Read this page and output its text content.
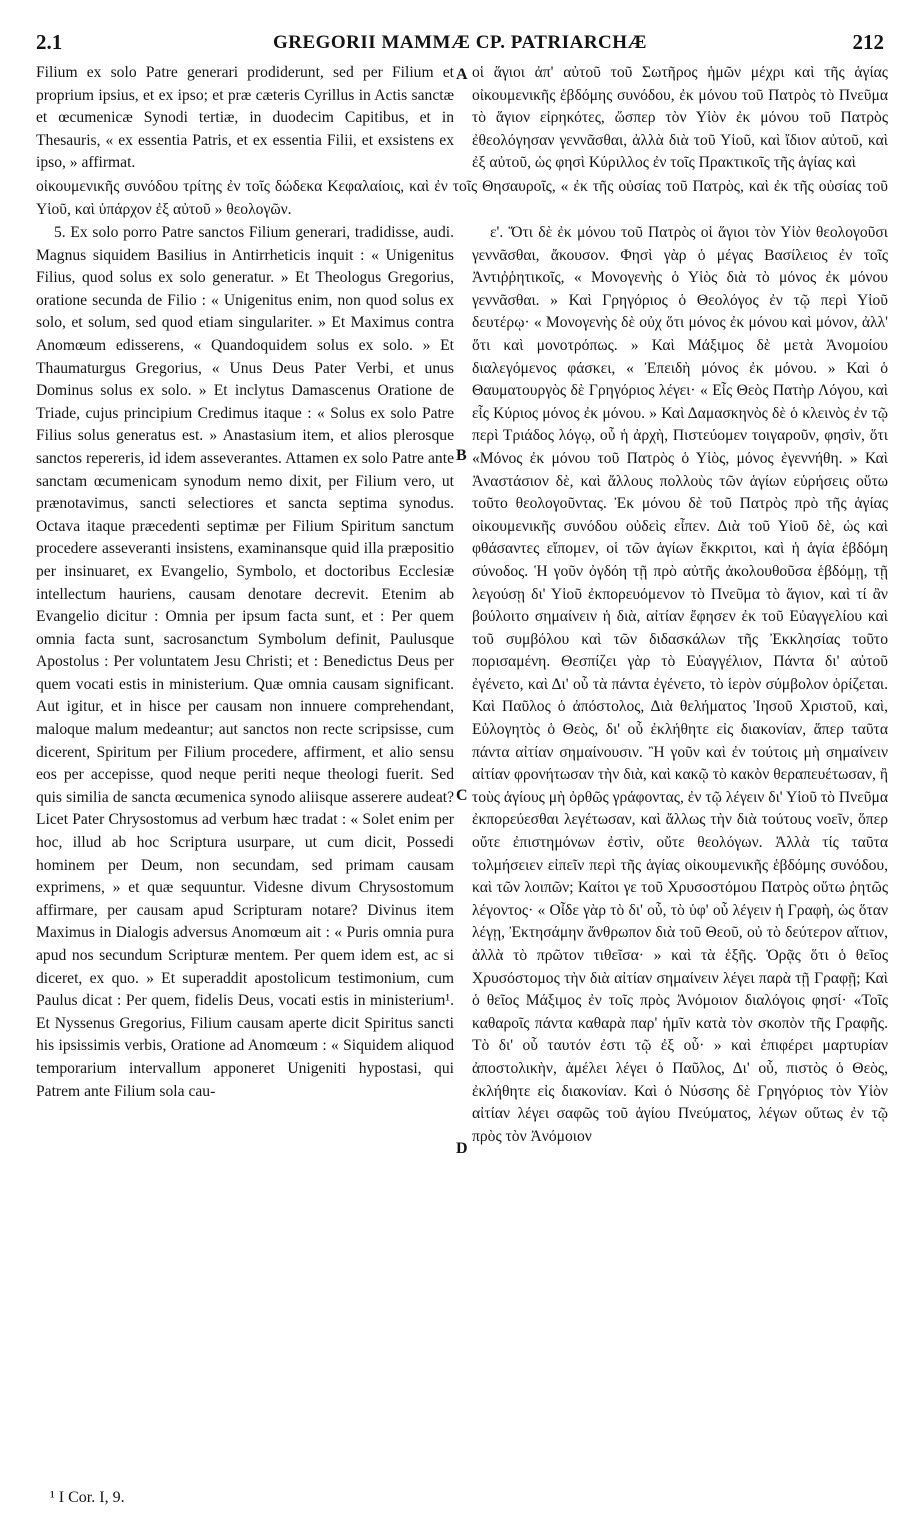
2.1	GREGORII MAMMÆ CP. PATRIARCHÆ	212

Filium ex solo Patre generari prodiderunt, sed per Filium et proprium ipsius, et ex ipso; et præ cæteris Cyrillus in Actis sanctæ et œcumenicæ Synodi tertiæ, in duodecim Capitibus, et in Thesauris, « ex essentia Patris, et ex essentia Filii, et exsistens ex ipso, » affirmat.

οἱ ἅγιοι ἀπ' αὐτοῦ τοῦ Σωτῆρος ἡμῶν μέχρι καὶ τῆς ἁγίας οἰκουμενικῆς ἑβδόμης συνόδου, ἐκ μόνου τοῦ Πατρὸς τὸ Πνεῦμα τὸ ἅγιον εἰρηκότες, ὥσπερ τὸν Υἱὸν ἐκ μόνου τοῦ Πατρὸς ἐθεολόγησαν γεννᾶσθαι, ἀλλὰ διὰ τοῦ Υἱοῦ, καὶ ἴδιον αὐτοῦ, καὶ ἐξ αὐτοῦ, ὡς φησὶ Κύριλλος ἐν τοῖς Πρακτικοῖς τῆς ἁγίας καὶ

οἰκουμενικῆς συνόδου τρίτης ἐν τοῖς δώδεκα Κεφαλαίοις, καὶ ἐν τοῖς Θησαυροῖς, « ἐκ τῆς οὐσίας τοῦ Πατρὸς, καὶ ἐκ τῆς οὐσίας τοῦ Υἱοῦ, καὶ ὑπάρχον ἐξ αὐτοῦ » θεολογῶν.

5. Ex solo porro Patre sanctos Filium generari, tradidisse, audi. Magnus siquidem Basilius in Antirrheticis inquit : « Unigenitus Filius, quod solus ex solo generatur. » Et Theologus Gregorius, oratione secunda de Filio : « Unigenitus enim, non quod solus ex solo, et solum, sed quod etiam singulariter. » Et Maximus contra Anomœum edisserens, « Quandoquidem solus ex solo. » Et Thaumaturgus Gregorius, « Unus Deus Pater Verbi, et unus Dominus solus ex solo. » Et inclytus Damascenus Oratione de Triade, cujus principium Credimus itaque : « Solus ex solo Patre Filius solus generatus est. » Anastasium item, et alios plerosque sanctos repereris, id idem asseverantes. Attamen ex solo Patre ante sanctam œcumenicam synodum nemo dixit, per Filium vero, ut prænotavimus, sancti selectiores et sancta septima synodus. Octava itaque præcedenti septimæ per Filium Spiritum sanctum procedere asseveranti insistens, examinansque quid illa præpositio per insinuaret, ex Evangelio, Symbolo, et doctoribus Ecclesiæ intellectum hauriens, causam denotare decrevit. Etenim ab Evangelio dicitur : Omnia per ipsum facta sunt, et : Per quem omnia facta sunt, sacrosanctum Symbolum definit, Paulusque Apostolus : Per voluntatem Jesu Christi; et : Benedictus Deus per quem vocati estis in ministerium. Quæ omnia causam significant. Aut igitur, et in hisce per causam non innuere comprehendant, maloque malum medeantur; aut sanctos non recte scripsisse, cum dicerent, Spiritum per Filium procedere, affirment, et alio sensu eos per accepisse, quod neque periti neque theologi fuerit. Sed quis similia de sancta œcumenica synodo aliisque asserere audeat? Licet Pater Chrysostomus ad verbum hæc tradat : « Solet enim per hoc, illud ab hoc Scriptura usurpare, ut cum dicit, Possedi hominem per Deum, non secundam, sed primam causam exprimens, » et quæ sequuntur. Videsne divum Chrysostomum affirmare, per causam apud Scripturam notare? Divinus item Maximus in Dialogis adversus Anomœum ait : « Puris omnia pura apud nos secundum Scripturæ mentem. Per quem idem est, ac si diceret, ex quo. » Et superaddit apostolicum testimonium, cum Paulus dicat : Per quem, fidelis Deus, vocati estis in ministerium¹. Et Nyssenus Gregorius, Filium causam aperte dicit Spiritus sancti his ipsissimis verbis, Oratione ad Anomœum : « Siquidem aliquod temporarium intervallum apponeret Unigeniti hypostasi, qui Patrem ante Filium sola cau-

ε'. Ὅτι δὲ ἐκ μόνου τοῦ Πατρὸς οἱ ἅγιοι τὸν Υἱὸν θεολογοῦσι γεννᾶσθαι, ἄκουσον. Φησὶ γὰρ ὁ μέγας Βασίλειος ἐν τοῖς Ἀντιῤῥητικοῖς, « Μονογενὴς ὁ Υἱὸς διὰ τὸ μόνος ἐκ μόνου γεννᾶσθαι. » Καὶ Γρηγόριος ὁ Θεολόγος ἐν τῷ περὶ Υἱοῦ δευτέρῳ· « Μονογενὴς δὲ οὐχ ὅτι μόνος ἐκ μόνου καὶ μόνον, ἀλλ' ὅτι καὶ μονοτρόπως. » Καὶ Μάξιμος δὲ μετὰ Ἀνομοίου διαλεγόμενος φάσκει, « Ἐπειδὴ μόνος ἐκ μόνου. » Καὶ ὁ Θαυματουργὸς δὲ Γρηγόριος λέγει· « Εἷς Θεὸς Πατὴρ Λόγου, καὶ εἷς Κύριος μόνος ἐκ μόνου. » Καὶ Δαμασκηνὸς δὲ ὁ κλεινὸς ἐν τῷ περὶ Τριάδος λόγῳ, οὗ ἡ ἀρχὴ, Πιστεύομεν τοιγαροῦν, φησὶν, ὅτι «Μόνος ἐκ μόνου τοῦ Πατρὸς ὁ Υἱὸς, μόνος ἐγεννήθη. » Καὶ Ἀναστάσιον δὲ, καὶ ἄλλους πολλοὺς τῶν ἁγίων εὑρήσεις οὕτω τοῦτο θεολογοῦντας. Ἐκ μόνου δὲ τοῦ Πατρὸς πρὸ τῆς ἁγίας οἰκουμενικῆς συνόδου οὐδεὶς εἶπεν. Διὰ τοῦ Υἱοῦ δὲ, ὡς καὶ φθάσαντες εἴπομεν, οἱ τῶν ἁγίων ἔκκριτοι, καὶ ἡ ἁγία ἑβδόμη σύνοδος. Ἡ γοῦν ὀγδόη τῇ πρὸ αὐτῆς ἀκολουθοῦσα ἑβδόμῃ, τῇ λεγούσῃ δι' Υἱοῦ ἐκπορευόμενον τὸ Πνεῦμα τὸ ἅγιον, καὶ τί ἂν βούλοιτο σημαίνειν ἡ διὰ, αἰτίαν ἔφησεν ἐκ τοῦ Εὐαγγελίου καὶ τοῦ συμβόλου καὶ τῶν διδασκάλων τῆς Ἐκκλησίας τοῦτο πορισαμένη. Θεσπίζει γὰρ τὸ Εὐαγγέλιον, Πάντα δι' αὐτοῦ ἐγένετο, καὶ Δι' οὗ τὰ πάντα ἐγένετο, τὸ ἱερὸν σύμβολον ὁρίζεται. Καὶ Παῦλος ὁ ἀπόστολος, Διὰ θελήματος Ἰησοῦ Χριστοῦ, καὶ, Εὐλογητὸς ὁ Θεὸς, δι' οὗ ἐκλήθητε εἰς διακονίαν, ἅπερ ταῦτα πάντα αἰτίαν σημαίνουσιν. Ἢ γοῦν καὶ ἐν τούτοις μὴ σημαίνειν αἰτίαν φρονήτωσαν τὴν διὰ, καὶ κακῷ τὸ κακὸν θεραπευέτωσαν, ἢ τοὺς ἁγίους μὴ ὀρθῶς γράφοντας, ἐν τῷ λέγειν δι' Υἱοῦ τὸ Πνεῦμα ἐκπορεύεσθαι λεγέτωσαν, καὶ ἄλλως τὴν διὰ τούτους νοεῖν, ὅπερ οὔτε ἐπιστημόνων ἐστὶν, οὔτε θεολόγων. Ἀλλὰ τίς ταῦτα τολμήσειεν εἰπεῖν περὶ τῆς ἁγίας οἰκουμενικῆς ἑβδόμης συνόδου, καὶ τῶν λοιπῶν; Καίτοι γε τοῦ Χρυσοστόμου Πατρὸς οὕτω ῥητῶς λέγοντος· « Οἶδε γὰρ τὸ δι' οὗ, τὸ ὑφ' οὗ λέγειν ἡ Γραφὴ, ὡς ὅταν λέγῃ, Ἐκτησάμην ἄνθρωπον διὰ τοῦ Θεοῦ, οὐ τὸ δεύτερον αἴτιον, ἀλλὰ τὸ πρῶτον τιθεῖσα· » καὶ τὰ ἑξῆς. Ὁρᾷς ὅτι ὁ θεῖος Χρυσόστομος τὴν διὰ αἰτίαν σημαίνειν λέγει παρὰ τῇ Γραφῇ; Καὶ ὁ θεῖος Μάξιμος ἐν τοῖς πρὸς Ἀνόμοιον διαλόγοις φησί· «Τοῖς καθαροῖς πάντα καθαρὰ παρ' ἡμῖν κατὰ τὸν σκοπὸν τῆς Γραφῆς. Τὸ δι' οὗ ταυτόν ἐστι τῷ ἐξ οὗ· » καὶ ἐπιφέρει μαρτυρίαν ἀποστολικὴν, ἀμέλει λέγει ὁ Παῦλος, Δι' οὗ, πιστὸς ὁ Θεὸς, ἐκλήθητε εἰς διακονίαν. Καὶ ὁ Νύσσης δὲ Γρηγόριος τὸν Υἱὸν αἰτίαν λέγει σαφῶς τοῦ ἁγίου Πνεύματος, λέγων οὕτως ἐν τῷ πρὸς τὸν Ἀνόμοιον

A
B
C
D
¹ I Cor. I, 9.
